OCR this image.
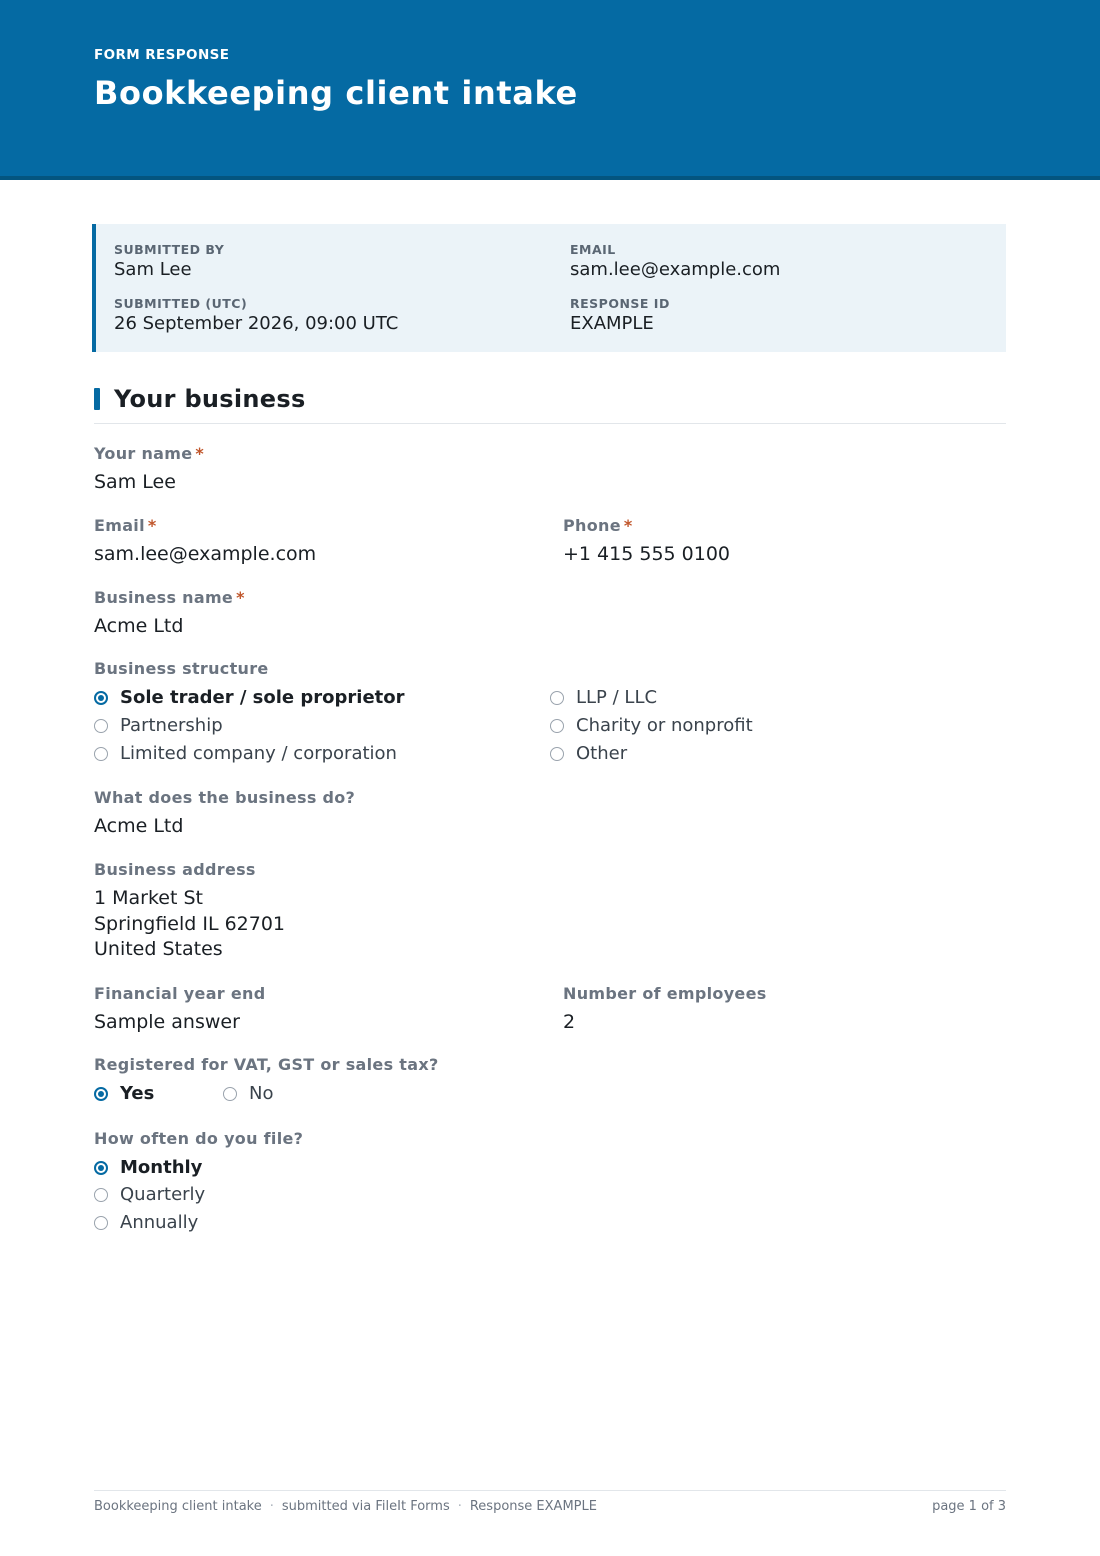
FORM RESPONSE
Bookkeeping client intake
SUBMITTED BY
Sam Lee
EMAIL
sam.lee@example.com
SUBMITTED (UTC)
26 September 2026, 09:00 UTC
RESPONSE ID
EXAMPLE
Your business
Your name *
Sam Lee
Email *
sam.lee@example.com
Phone *
+1 415 555 0100
Business name *
Acme Ltd
Business structure
Sole trader / sole proprietor
Partnership
Limited company / corporation
LLP / LLC
Charity or nonprofit
Other
What does the business do?
Acme Ltd
Business address
1 Market St
Springfield IL 62701
United States
Financial year end
Sample answer
Number of employees
2
Registered for VAT, GST or sales tax?
Yes	No
How often do you file?
Monthly
Quarterly
Annually
Bookkeeping client intake · submitted via FileIt Forms · Response EXAMPLE	page 1 of 3
